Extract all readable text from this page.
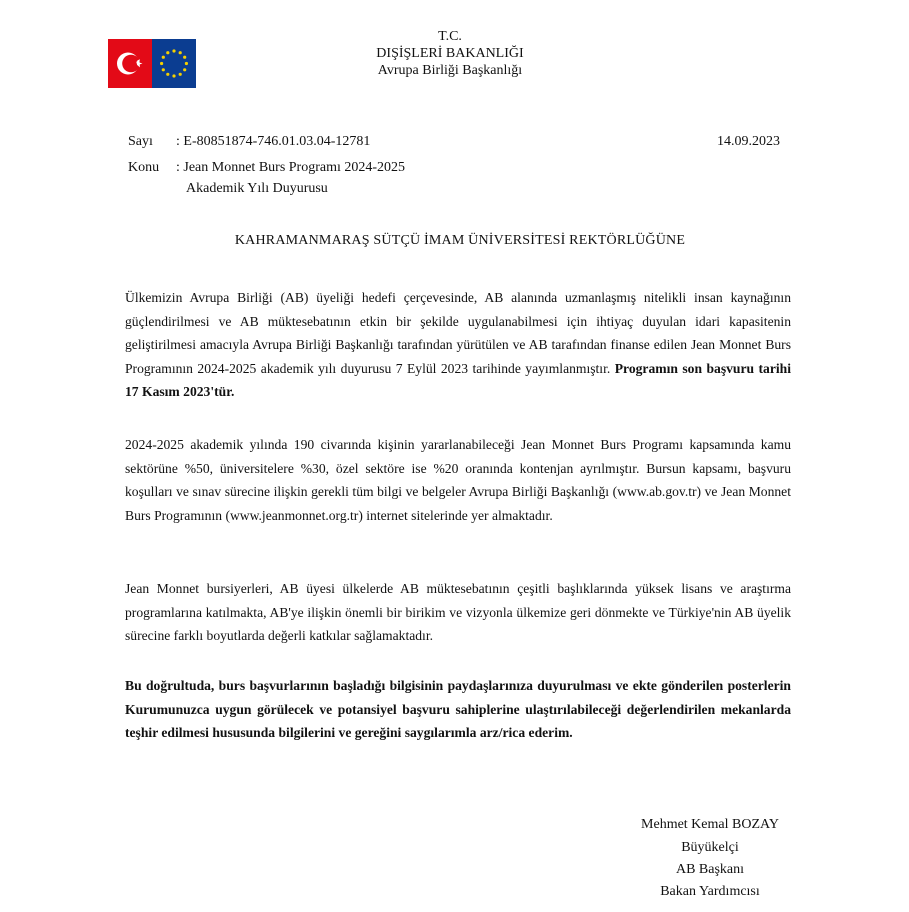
T.C.
DIŞİŞLERİ BAKANLIĞI
Avrupa Birliği Başkanlığı
Sayı : E-80851874-746.01.03.04-12781
Konu : Jean Monnet Burs Programı 2024-2025
Akademik Yılı Duyurusu
14.09.2023
KAHRAMANMARAŞ SÜTÇÜ İMAM ÜNİVERSİTESİ REKTÖRLÜĞÜNE

Ülkemizin Avrupa Birliği (AB) üyeliği hedefi çerçevesinde, AB alanında uzmanlaşmış nitelikli insan kaynağının güçlendirilmesi ve AB müktesebatının etkin bir şekilde uygulanabilmesi için ihtiyaç duyulan idari kapasitenin geliştirilmesi amacıyla Avrupa Birliği Başkanlığı tarafından yürütülen ve AB tarafından finanse edilen Jean Monnet Burs Programının 2024-2025 akademik yılı duyurusu 7 Eylül 2023 tarihinde yayımlanmıştır. Programın son başvuru tarihi 17 Kasım 2023'tür.

2024-2025 akademik yılında 190 civarında kişinin yararlanabileceği Jean Monnet Burs Programı kapsamında kamu sektörüne %50, üniversitelere %30, özel sektöre ise %20 oranında kontenjan ayrılmıştır. Bursun kapsamı, başvuru koşulları ve sınav sürecine ilişkin gerekli tüm bilgi ve belgeler Avrupa Birliği Başkanlığı (www.ab.gov.tr) ve Jean Monnet Burs Programının (www.jeanmonnet.org.tr) internet sitelerinde yer almaktadır.

Jean Monnet bursiyerleri, AB üyesi ülkelerde AB müktesebatının çeşitli başlıklarında yüksek lisans ve araştırma programlarına katılmakta, AB'ye ilişkin önemli bir birikim ve vizyonla ülkemize geri dönmekte ve Türkiye'nin AB üyelik sürecine farklı boyutlarda değerli katkılar sağlamaktadır.

Bu doğrultuda, burs başvurlarının başladığı bilgisinin paydaşlarınıza duyurulması ve ekte gönderilen posterlerin Kurumunuzca uygun görülecek ve potansiyel başvuru sahiplerine ulaştırılabileceği değerlendirilen mekanlarda teşhir edilmesi hususunda bilgilerini ve gereğini saygılarımla arz/rica ederim.

Mehmet Kemal BOZAY
Büyükelçi
AB Başkanı
Bakan Yardımcısı
